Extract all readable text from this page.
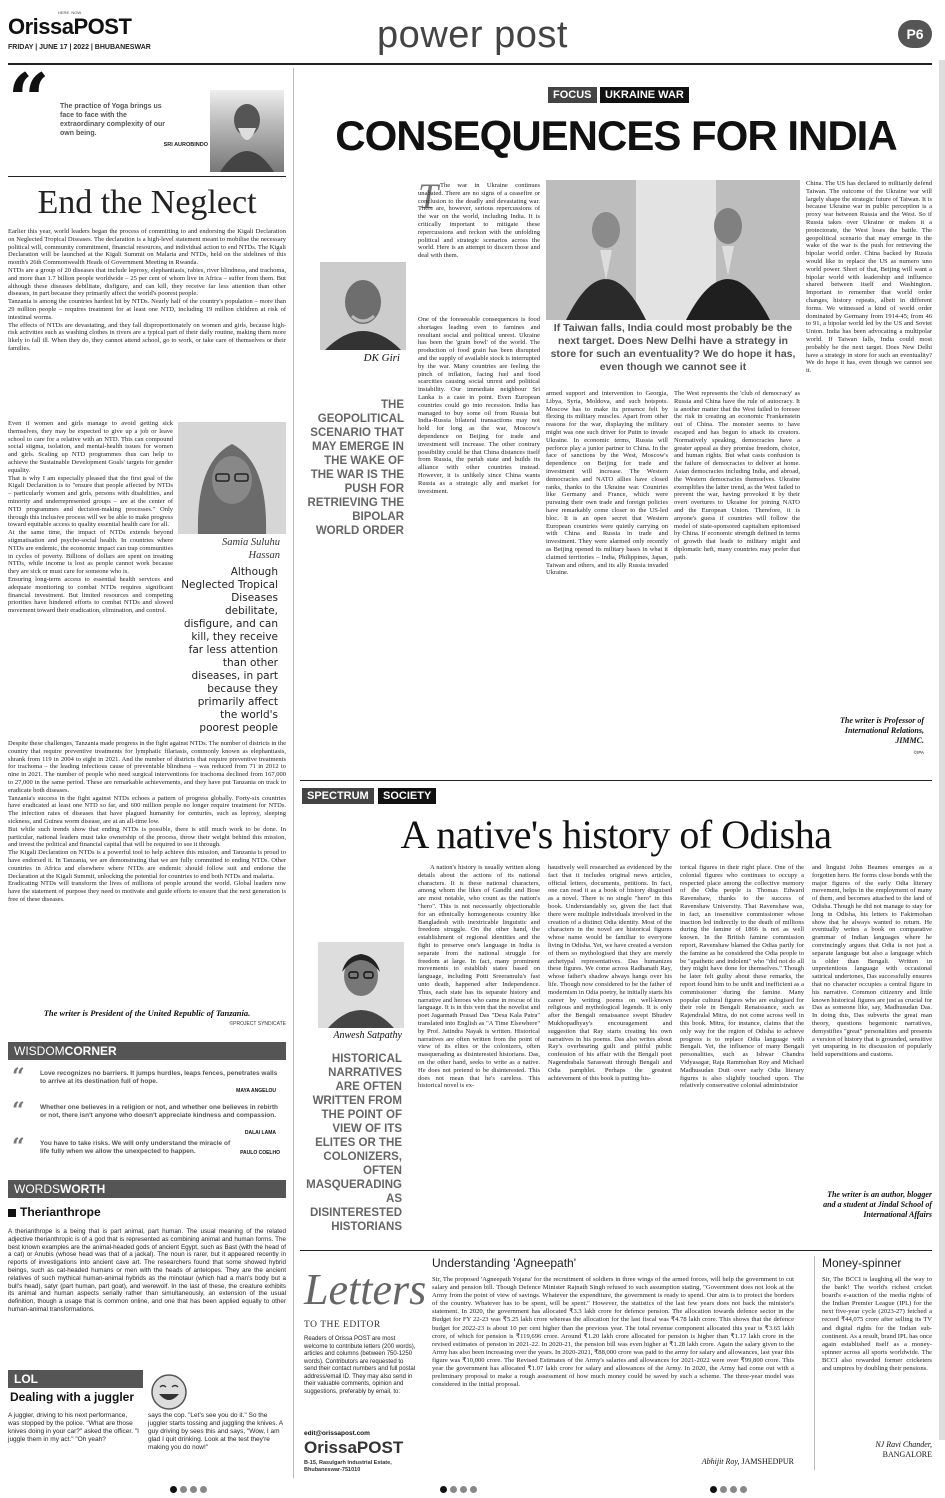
OrissaPOST
HERE. NOW.
FRIDAY | JUNE 17 | 2022 | BHUBANESWAR	power post	P6
“ The practice of Yoga brings us face to face with the extraordinary complexity of our own being.
SRI AUROBINDO
End the Neglect

Earlier this year, world leaders began the process of committing to and endorsing the Kigali Declaration on Neglected Tropical Diseases. The declaration is a high-level statement meant to mobilise the necessary political will, community commitment, financial resources, and individual action to end NTDs. The Kigali Declaration will be launched at the Kigali Summit on Malaria and NTDs, held on the sidelines of this month's 26th Commonwealth Heads of Government Meeting in Rwanda.

NTDs are a group of 20 diseases that include leprosy, elephantiasis, rabies, river blindness, and trachoma, and more than 1.7 billion people worldwide – 25 per cent of whom live in Africa – suffer from them. But although these diseases debilitate, disfigure, and can kill, they receive far less attention than other diseases, in part because they primarily affect the world's poorest people.

Tanzania is among the countries hardest hit by NTDs. Nearly half of the country's population – more than 29 million people – requires treatment for at least one NTD, including 19 million children at risk of intestinal worms.

The effects of NTDs are devastating, and they fall disproportionately on women and girls, because high-risk activities such as washing clothes in rivers are a typical part of their daily routine, making them more likely to fall ill. When they do, they cannot attend school, go to work, or take care of themselves or their families.

Even if women and girls manage to avoid getting sick themselves, they may be expected to give up a job or leave school to care for a relative with an NTD. This can compound social stigma, isolation, and mental-health issues for women and girls. Scaling up NTD programmes thus can help to achieve the Sustainable Development Goals' targets for gender equality.

That is why I am especially pleased that the first goal of the Kigali Declaration is to "ensure that people affected by NTDs – particularly women and girls, persons with disabilities, and minority and underrepresented groups – are at the center of NTD programmes and decision-making processes." Only through this inclusive process will we be able to make progress toward equitable access to quality essential health care for all.

At the same time, the impact of NTDs extends beyond stigmatisation and psycho-social health. In countries where NTDs are endemic, the economic impact can trap communities in cycles of poverty. Billions of dollars are spent on treating NTDs, while income is lost as people cannot work because they are sick or must care for someone who is.

Ensuring long-term access to essential health services and adequate monitoring to combat NTDs requires significant financial investment. But limited resources and competing priorities have hindered efforts to combat NTDs and slowed movement toward their eradication, elimination, and control.

Samia Suluhu Hassan
Although Neglected Tropical Diseases debilitate, disfigure, and can kill, they receive far less attention than other diseases, in part because they primarily affect the world's poorest people

Despite these challenges, Tanzania made progress in the fight against NTDs. The number of districts in the country that require preventive treatments for lymphatic filariasis, commonly known as elephantiasis, shrank from 119 in 2004 to eight in 2021. And the number of districts that require preventive treatments for trachoma – the leading infectious cause of preventable blindness – was reduced from 71 in 2012 to nine in 2021. The number of people who need surgical interventions for trachoma declined from 167,000 to 27,000 in the same period. These are remarkable achievements, and they have put Tanzania on track to eradicate both diseases.

Tanzania's success in the fight against NTDs echoes a pattern of progress globally. Forty-six countries have eradicated at least one NTD so far, and 600 million people no longer require treatment for NTDs. The infection rates of diseases that have plagued humanity for centuries, such as leprosy, sleeping sickness, and Guinea worm disease, are at an all-time low.

But while such trends show that ending NTDs is possible, there is still much work to be done. In particular, national leaders must take ownership of the process, throw their weight behind this mission, and invest the political and financial capital that will be required to see it through.

The Kigali Declaration on NTDs is a powerful tool to help achieve this mission, and Tanzania is proud to have endorsed it. In Tanzania, we are demonstrating that we are fully committed to ending NTDs. Other countries in Africa and elsewhere where NTDs are endemic should follow suit and endorse the Declaration at the Kigali Summit, unlocking the potential for countries to end both NTDs and malaria.

Eradicating NTDs will transform the lives of millions of people around the world. Global leaders now have the statement of purpose they need to motivate and guide efforts to ensure that the next generation is free of these diseases.

The writer is President of the United Republic of Tanzania.
©PROJECT SYNDICATE
WISDOMCORNER
“ Love recognizes no barriers. It jumps hurdles, leaps fences, penetrates walls to arrive at its destination full of hope.
MAYA ANGELOU
“ Whether one believes in a religion or not, and whether one believes in rebirth or not, there isn't anyone who doesn't appreciate kindness and compassion.
DALAI LAMA
“ You have to take risks. We will only understand the miracle of life fully when we allow the unexpected to happen.	PAULO COELHO
WORDSWORTH
Therianthrope
A therianthrope is a being that is part animal, part human. The usual meaning of the related adjective therianthropic is of a god that is represented as combining animal and human forms. The best known examples are the animal-headed gods of ancient Egypt, such as Bast (with the head of a cat) or Anubis (whose head was that of a jackal). The noun is rarer, but it appeared recently in reports of investigations into ancient cave art. The researchers found that some showed hybrid beings, such as cat-headed humans or men with the heads of antelopes. They are the ancient relatives of such mythical human-animal hybrids as the minotaur (which had a man's body but a bull's head), satyr (part human, part goat), and werewolf. In the last of these, the creature exhibits its animal and human aspects serially rather than simultaneously, an extension of the usual definition, though a usage that is common online, and one that has been applied equally to other human-animal transformations.
LOL
Dealing with a juggler
A juggler, driving to his next performance, was stopped by the police. "What are those knives doing in your car?" asked the officer. "I juggle them in my act." "Oh yeah?
says the cop. "Let's see you do it." So the juggler starts tossing and juggling the knives. A guy driving by sees this and says, "Wow, I am glad I quit drinking. Look at the test they're making you do now!"
FOCUS	UKRAINE WAR
CONSEQUENCES FOR INDIA
DK Giri
THE GEOPOLITICAL SCENARIO THAT MAY EMERGE IN THE WAKE OF THE WAR IS THE PUSH FOR RETRIEVING THE BIPOLAR WORLD ORDER
T The war in Ukraine continues unabated. There are no signs of a ceasefire or conclusion to the deadly and devastating war. There are, however, serious repercussions of the war on the world, including India. It is critically important to mitigate these repercussions and reckon with the unfolding political and strategic scenarios across the world. Here is an attempt to discern those and deal with them.
One of the foreseeable consequences is food shortages leading even to famines and resultant social and political unrest. Ukraine has been the 'grain bowl' of the world. The production of food grain has been disrupted and the supply of available stock is interrupted by the war. Many countries are feeling the pinch of inflation, facing fuel and food scarcities causing social unrest and political instability. Our immediate neighbour Sri Lanka is a case in point. Even European countries could go into recession. India has managed to buy some oil from Russia but India-Russia bilateral transactions may not hold for long as the war, Moscow's dependence on Beijing for trade and investment will increase. The other contrary possibility could be that China distances itself from Russia, the pariah state and builds its alliance with other countries instead. However, it is unlikely since China wants Russia as a strategic ally and market for investment.
armed support and intervention to Georgia, Libya, Syria, Moldova, and such hotspots. Moscow has to make its presence felt by flexing its military muscles. Apart from other reasons for the war, displaying the military might was one such driver for Putin to invade Ukraine. In economic terms, Russia will perforce play a junior partner to China. In the face of sanctions by the West, Moscow's dependence on Beijing for trade and investment will increase. The Western democracies and NATO allies have closed ranks, thanks to the Ukraine war. Countries like Germany and France, which were pursuing their own trade and foreign policies have remarkably come closer to the US-led bloc. It is an open secret that Western European countries were quietly carrying on with China and Russia in trade and investment. They were alarmed only recently as Beijing opened its military bases in what it claimed territories – India, Philippines, Japan, Taiwan and others, and its ally Russia invaded Ukraine.
The West represents the 'club of democracy' as Russia and China have the rule of autocracy. It is another matter that the West failed to foresee the risk in creating an economic Frankenstein out of China. The monster seems to have escaped and has begun to attack its creators. Normatively speaking, democracies have a greater appeal as they promise freedom, choice, and human rights. But what casts confusion is the failure of democracies to deliver at home. Asian democracies including India, and abroad, the Western democracies themselves. Ukraine exemplifies the latter trend, as the West failed to prevent the war, having provoked it by their overt overtures to Ukraine for joining NATO and the European Union. Therefore, it is anyone's guess if countries will follow the model of state-sponsored capitalism epitomised by China. If economic strength defined in terms of growth that leads to military might and diplomatic heft, many countries may prefer that path.
If Taiwan falls, India could most probably be the next target. Does New Delhi have a strategy in store for such an eventuality? We do hope it has, even though we cannot see it
China. The US has declared to militarily defend Taiwan. The outcome of the Ukraine war will largely shape the strategic future of Taiwan. It is because Ukraine war in public perception is a proxy war between Russia and the West. So if Russia takes over Ukraine or makes it a protectorate, the West loses the battle. The geopolitical scenario that may emerge in the wake of the war is the push for retrieving the bipolar world order. China backed by Russia would like to replace the US as numero uno world power. Short of that, Beijing will want a bipolar world with leadership and influence shared between itself and Washington. Important to remember that world order changes, history repeats, albeit in different forms. We witnessed a kind of world order dominated by Germany from 1914-45; from 46 to 91, a bipolar world led by the US and Soviet Union. India has been advocating a multipolar world. If Taiwan falls, India could most probably be the next target. Does New Delhi have a strategy in store for such an eventuality? We do hope it has, even though we cannot see it.
The writer is Professor of International Relations, JIMMC.
©IPA
SPECTRUM	SOCIETY
A native's history of Odisha
Anwesh Satpathy
HISTORICAL NARRATIVES ARE OFTEN WRITTEN FROM THE POINT OF VIEW OF ITS ELITES OR THE COLONIZERS, OFTEN MASQUERADING AS DISINTERESTED HISTORIANS
A nation's history is usually written along details about the actions of its national characters. It is these national characters, among whom the likes of Gandhi and Bose are most notable, who count as the nation's "hero". This is not necessarily objectionable for an ethnically homogeneous country like Bangladesh with inextricable linguistic and freedom struggle. On the other hand, the establishment of regional identities and the fight to preserve one's language in India is separate from the national struggle for freedom at large. In fact, many prominent movements to establish states based on language, including Potti Sreeramulu's fast unto death, happened after Independence. Thus, each state has its separate history and narrative and heroes who came in rescue of its language. It is in this vein that the novelist and poet Jagannath Prasad Das "Desa Kala Patra" translated into English as "A Time Elsewhere" by Prof. Jatindra Nayak is written. Historical narratives are often written from the point of view of its elites or the colonizers, often masquerading as disinterested historians. Das, on the other hand, seeks to write as a native. He does not pretend to be disinterested. This does not mean that he's careless. This historical novel is ex-
haustively well researched as evidenced by the fact that it includes original news articles, official letters, documents, petitions. In fact, one can read it as a book of history disguised as a novel. There is no single "hero" in this book. Understandably so, given the fact that there were multiple individuals involved in the creation of a distinct Odia identity. Most of the characters in the novel are historical figures whose name would be familiar to everyone living in Odisha. Yet, we have created a version of them so mythologised that they are merely archetypal representatives. Das humanizes these figures. We come across Radhanath Ray, whose father's shadow always hangs over his life. Though now considered to be the father of modernism in Odia poetry, he initially starts his career by writing poems on well-known religious and mythological legends. It is only after the Bengali renaissance swept Bhudev Mukhopadhyay's encouragement and suggestion that Ray starts creating his own narratives in his poems. Das also writes about Ray's overbearing guilt and pitiful public confession of his affair with the Bengali poet Nagendrabala Saraswati through Bengali and Odia pamphlet. Perhaps the greatest achievement of this book is putting his-
torical figures in their right place. One of the colonial figures who continues to occupy a respected place among the collective memory of the Odia people is Thomas Edward Ravenshaw, thanks to the success of Ravenshaw University. That Ravenshaw was, in fact, an insensitive commissioner whose inaction led indirectly to the death of millions during the famine of 1866 is not as well known. In the British famine commission report, Ravenshaw blamed the Odias partly for the famine as he considered the Odia people to be "apathetic and indolent" who "did not do all they might have done for themselves." Though he later felt guilty about these remarks, the report found him to be unfit and inefficient as a commissioner during the famine. Many popular cultural figures who are eulogised for their role in Bengali Renaissance, such as Rajendralal Mitra, do not come across well in this book. Mitra, for instance, claims that the only way for the region of Odisha to achieve progress is to replace Odia language with Bengali. Yet, the influence of many Bengali personalities, such as Ishwar Chandra Vidyasagar, Raja Rammohan Roy and Michael Madhusudan Dutt over early Odia literary figures is also slightly touched upon. The relatively conservative colonial administrator
and linguist John Beames emerges as a forgotten hero. He forms close bonds with the major figures of the early Odia literary movement, helps in the employment of many of them, and becomes attached to the land of Odisha. Though he did not manage to stay for long in Odisha, his letters to Fakirmohan show that he always wanted to return. He eventually writes a book on comparative grammar of Indian languages where he convincingly argues that Odia is not just a separate language but also a language which is older than Bengali. Written in unpretentious language with occasional satirical undertones, Das successfully ensures that no character occupies a central figure in his narrative. Common citizenry and little known historical figures are just as crucial for Das as someone like, say, Madhusudan Das. In doing this, Das subverts the great man theory, questions hegemonic narratives, demystifies "great" personalities and presents a version of history that is grounded, sensitive yet unsparing in its discussion of popularly held superstitions and customs.
The writer is an author, blogger and a student at Jindal School of International Affairs
Letters
TO THE EDITOR
Readers of Orissa POST are most welcome to contribute letters (200 words), articles and columns (between 750-1250 words). Contributors are requested to send their contact numbers and full postal address/email ID. They may also send in their valuable comments, opinion and suggestions, preferably by email, to:
edit@orissapost.com
OrissaPOST
B-15, Rasulgarh Industrial Estate, Bhubaneswar-751010
Understanding 'Agneepath'
Sir, The proposed 'Agneepath Yojana' for the recruitment of soldiers in three wings of the armed forces, will help the government to cut salary and pension bill. Though Defence Minister Rajnath Singh refused to such assumption stating, "Government does not look at the Army from the point of view of savings. Whatever the expenditure, the government is ready to spend. Our aim is to protect the borders of the country. Whatever has to be spent, will be spent." However, the statistics of the last few years does not back the minister's statement. In 2020, the government has allocated ₹3.3 lakh crore for defence pension. The allocation towards defence sector in the Budget for FY 22-23 was ₹5.25 lakh crore whereas the allocation for the last fiscal was ₹4.78 lakh crore. This shows that the defence budget for 2022-23 is about 10 per cent higher than the previous year. The total revenue component allocated this year is ₹3.65 lakh crore, of which for pension is ₹119,696 crore. Around ₹1.20 lakh crore allocated for pension is higher than ₹1.17 lakh crore in the revised estimates of pension in 2021-22. In 2020-21, the pension bill was even higher at ₹1.28 lakh crore. Again the salary given to the Army has also been increasing over the years. In 2020-2021, ₹88,000 crore was paid to the army for salary and allowances, last year this figure was ₹10,000 crore. The Revised Estimates of the Army's salaries and allowances for 2021-2022 were over ₹99,800 crore. This year the government has allocated ₹1.07 lakh crore for salary and allowances of the Army. In 2020, the Army had come out with a preliminary proposal to make a rough assessment of how much money could be saved by such a scheme. The three-year model was considered in the initial proposal.
Abhijit Roy, JAMSHEDPUR
Money-spinner
Sir, The BCCI is laughing all the way to the bank! The world's richest cricket board's e-auction of the media rights of the Indian Premier League (IPL) for the next five-year cycle (2023-27) fetched a record ₹44,075 crore after selling its TV and digital rights for the Indian sub-continent. As a result, brand IPL has once again established itself as a money-spinner across all sports worldwide. The BCCI also rewarded former cricketers and umpires by doubling their pensions.
NJ Ravi Chander,
BANGALORE
